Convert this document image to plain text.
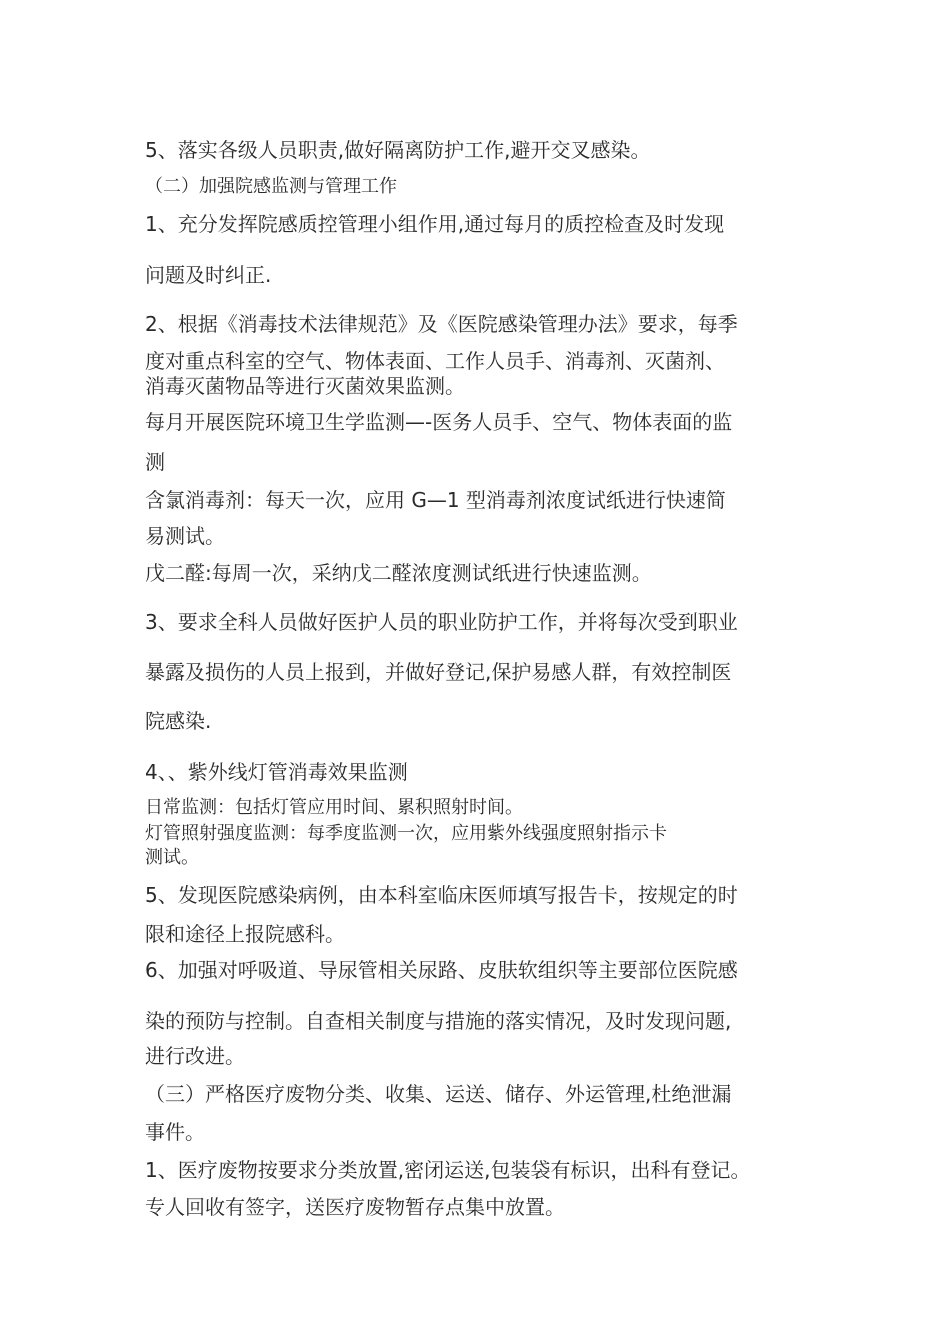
5、落实各级人员职责,做好隔离防护工作,避开交叉感染。

（二）加强院感监测与管理工作

1、充分发挥院感质控管理小组作用,通过每月的质控检查及时发现

问题及时纠正.

2、根据《消毒技术法律规范》及《医院感染管理办法》要求，每季

度对重点科室的空气、物体表面、工作人员手、消毒剂、灭菌剂、

消毒灭菌物品等进行灭菌效果监测。

每月开展医院环境卫生学监测—-医务人员手、空气、物体表面的监

测

含氯消毒剂：每天一次，应用 G—1 型消毒剂浓度试纸进行快速简

易测试。

戊二醛:每周一次，采纳戊二醛浓度测试纸进行快速监测。

3、要求全科人员做好医护人员的职业防护工作，并将每次受到职业

暴露及损伤的人员上报到，并做好登记,保护易感人群，有效控制医

院感染.

4、、紫外线灯管消毒效果监测

日常监测：包括灯管应用时间、累积照射时间。

灯管照射强度监测：每季度监测一次，应用紫外线强度照射指示卡

测试。

5、发现医院感染病例，由本科室临床医师填写报告卡，按规定的时

限和途径上报院感科。

6、加强对呼吸道、导尿管相关尿路、皮肤软组织等主要部位医院感

染的预防与控制。自查相关制度与措施的落实情况，及时发现问题,

进行改进。

（三）严格医疗废物分类、收集、运送、储存、外运管理,杜绝泄漏

事件。

1、医疗废物按要求分类放置,密闭运送,包装袋有标识，出科有登记。

专人回收有签字，送医疗废物暂存点集中放置。
